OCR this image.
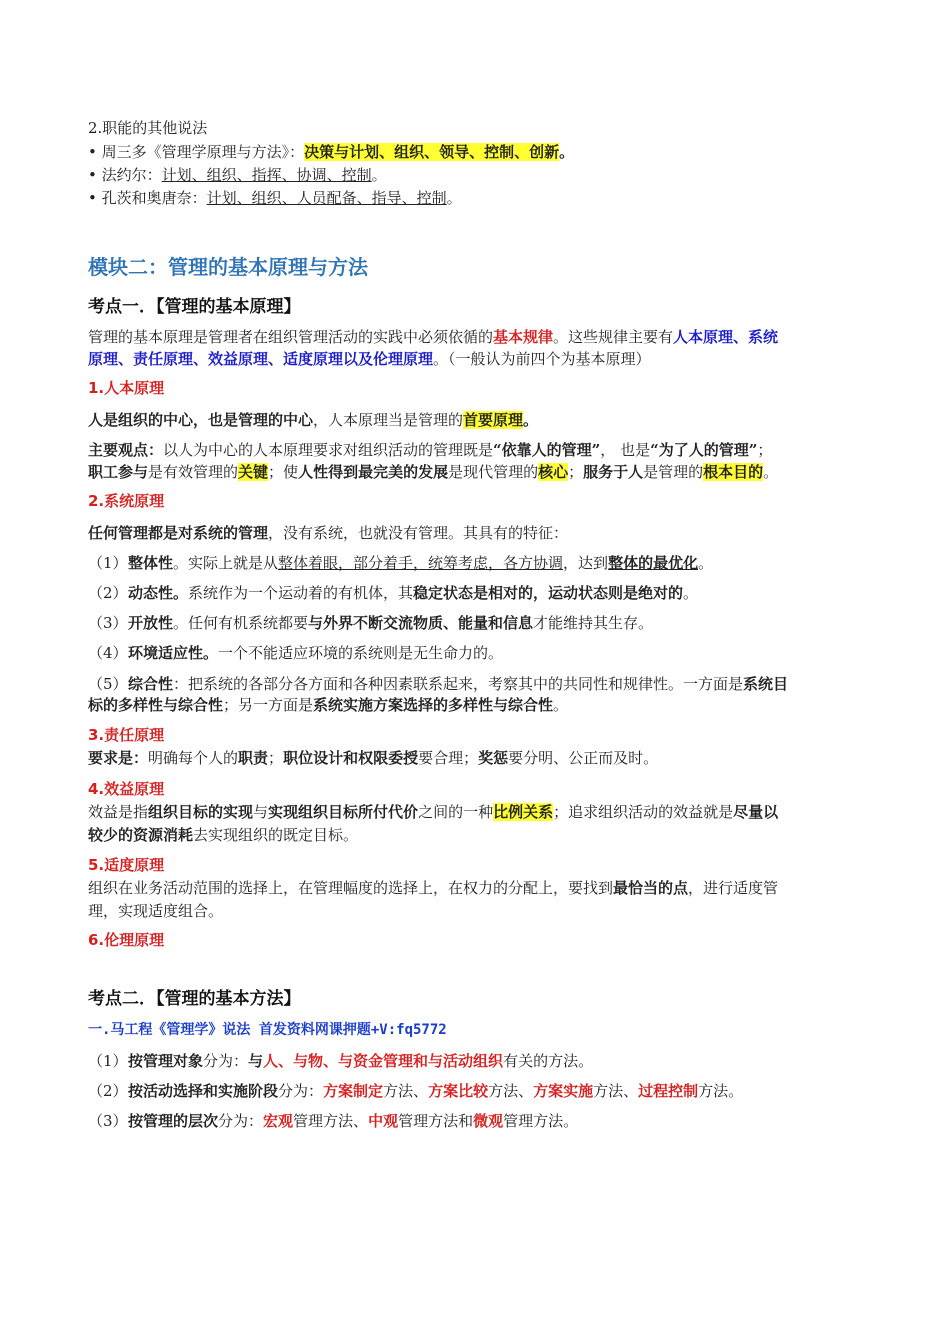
2.职能的其他说法
• 周三多《管理学原理与方法》：决策与计划、组织、领导、控制、创新。
• 法约尔：计划、组织、指挥、协调、控制。
• 孔茨和奥唐奈：计划、组织、人员配备、指导、控制。
模块二：管理的基本原理与方法
考点一．【管理的基本原理】
管理的基本原理是管理者在组织管理活动的实践中必须依循的基本规律。这些规律主要有人本原理、系统
原理、责任原理、效益原理、适度原理以及伦理原理。（一般认为前四个为基本原理）
1.人本原理
人是组织的中心，也是管理的中心，人本原理当是管理的首要原理。
主要观点：以人为中心的人本原理要求对组织活动的管理既是“依靠人的管理”， 也是“为了人的管理”；
职工参与是有效管理的关键；使人性得到最完美的发展是现代管理的核心；服务于人是管理的根本目的。
2.系统原理
任何管理都是对系统的管理，没有系统，也就没有管理。其具有的特征：
（1）整体性。实际上就是从整体着眼，部分着手，统筹考虑，各方协调，达到整体的最优化。
（2）动态性。系统作为一个运动着的有机体，其稳定状态是相对的，运动状态则是绝对的。
（3）开放性。任何有机系统都要与外界不断交流物质、能量和信息才能维持其生存。
（4）环境适应性。一个不能适应环境的系统则是无生命力的。
（5）综合性：把系统的各部分各方面和各种因素联系起来，考察其中的共同性和规律性。一方面是系统目
标的多样性与综合性；另一方面是系统实施方案选择的多样性与综合性。
3.责任原理
要求是：明确每个人的职责；职位设计和权限委授要合理；奖惩要分明、公正而及时。
4.效益原理
效益是指组织目标的实现与实现组织目标所付代价之间的一种比例关系；追求组织活动的效益就是尽量以
较少的资源消耗去实现组织的既定目标。
5.适度原理
组织在业务活动范围的选择上，在管理幅度的选择上，在权力的分配上，要找到最恰当的点，进行适度管
理，实现适度组合。
6.伦理原理
考点二．【管理的基本方法】
一.马工程《管理学》说法 首发资料网课押题+V:fq5772
（1）按管理对象分为：与人、与物、与资金管理和与活动组织有关的方法。
（2）按活动选择和实施阶段分为：方案制定方法、方案比较方法、方案实施方法、过程控制方法。
（3）按管理的层次分为：宏观管理方法、中观管理方法和微观管理方法。
